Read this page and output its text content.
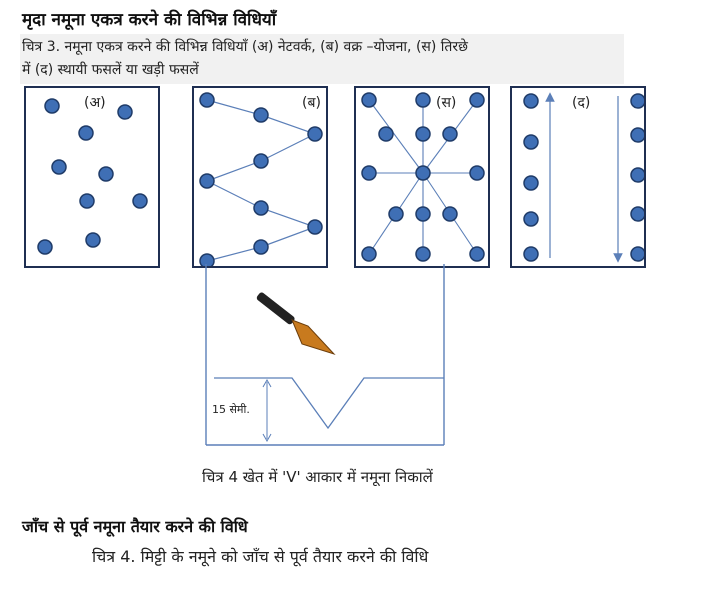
मृदा नमूना एकत्र करने की विभिन्न विधियाँ
चित्र 3. नमूना एकत्र करने की विभिन्न विधियाँ (अ) नेटवर्क, (ब) वक्र –योजना, (स) तिरछे
में (द) स्थायी फसलें या खड़ी फसलें
(अ)	(ब)	(स)	(द)
15 सेमी.
चित्र 4 खेत में 'V' आकार में नमूना निकालें
जाँच से पूर्व नमूना तैयार करने की विधि
चित्र 4. मिट्टी के नमूने को जाँच से पूर्व तैयार करने की विधि
